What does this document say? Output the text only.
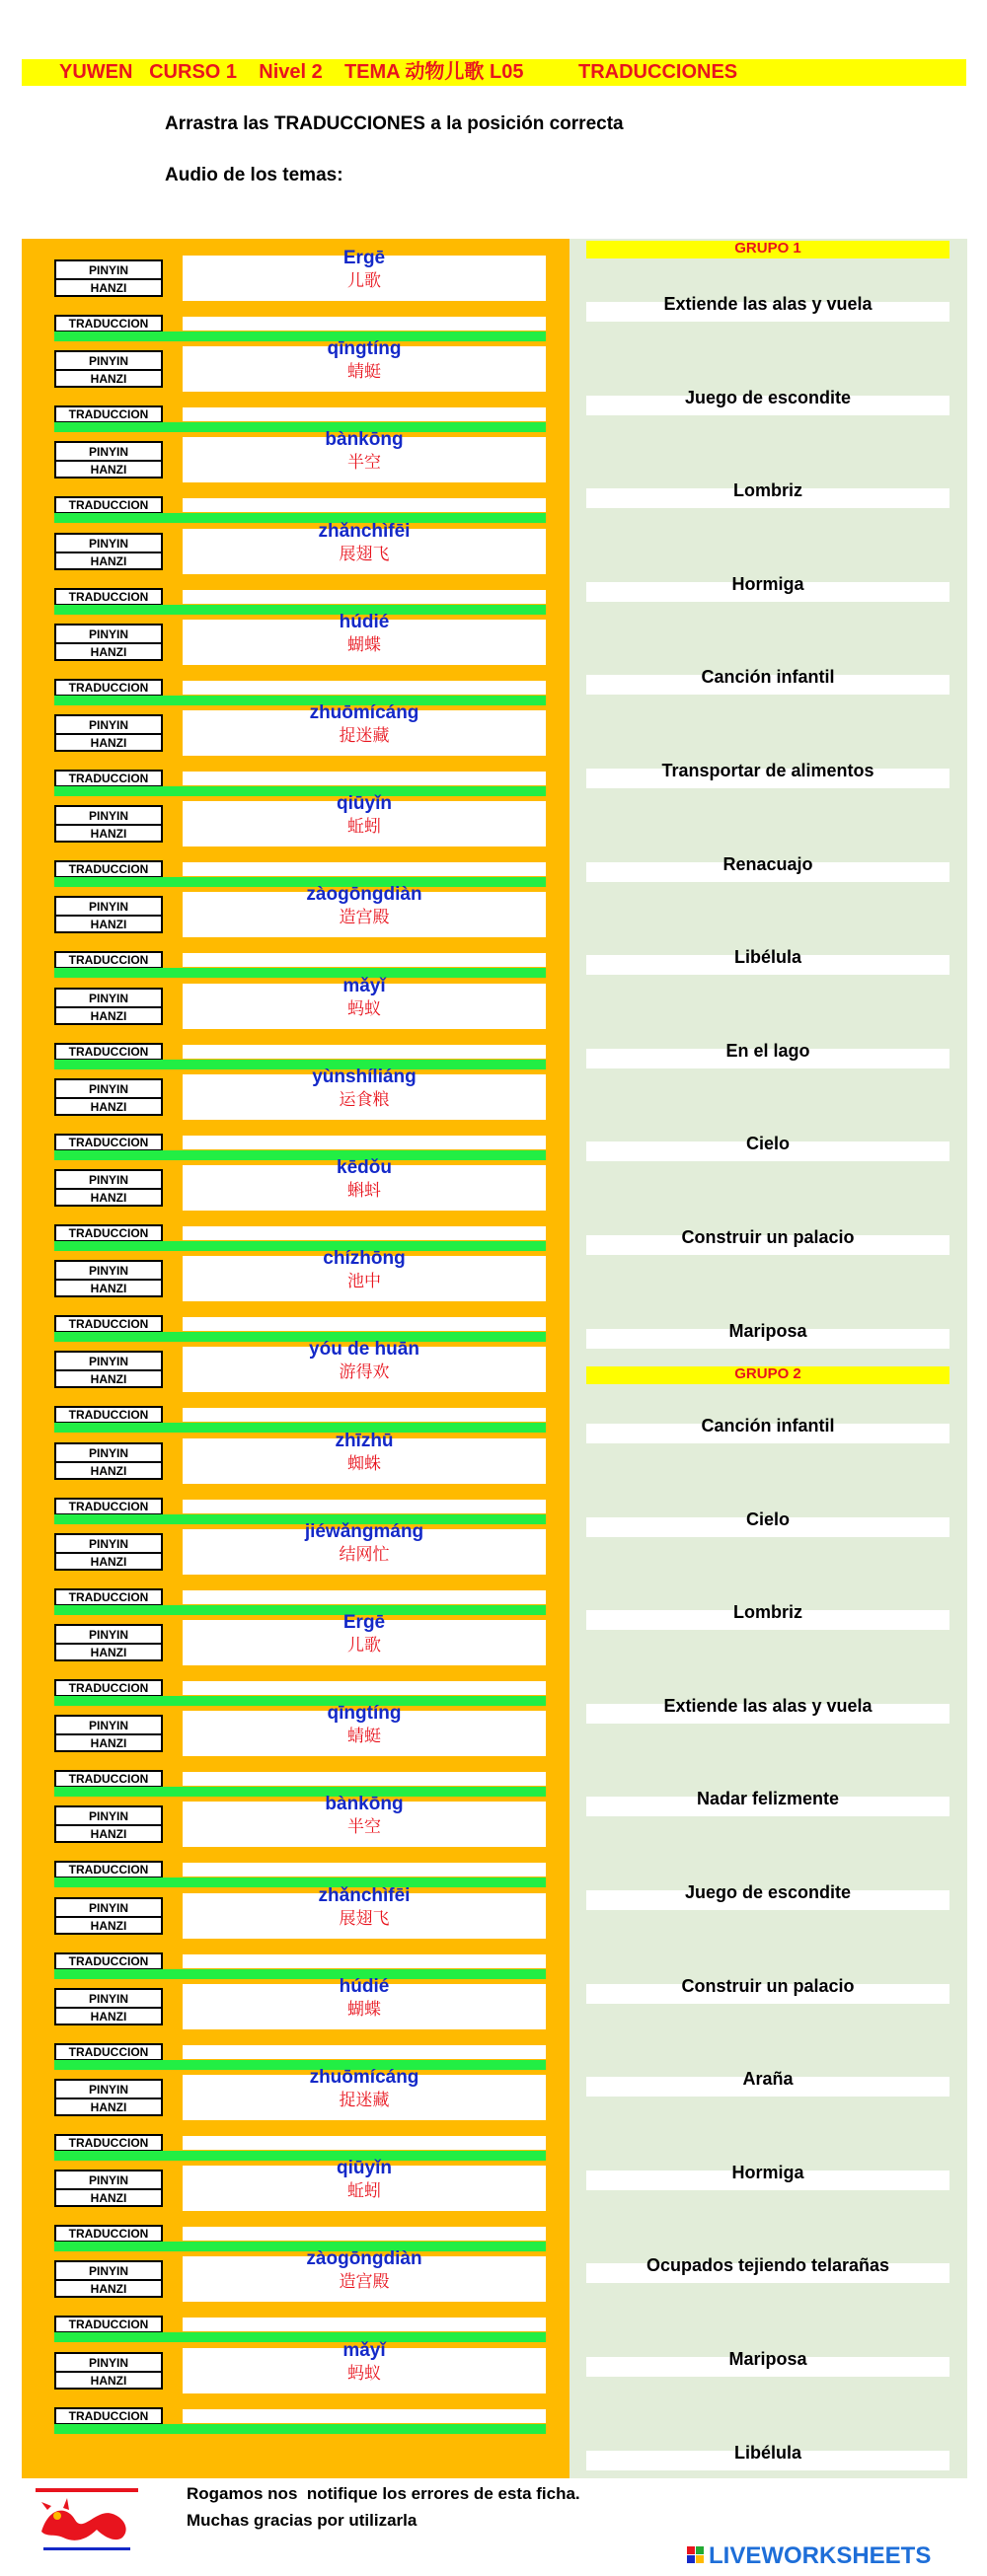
YUWEN   CURSO 1    Nivel 2    TEMA 动物儿歌 L05          TRADUCCIONES
Arrastra las TRADUCCIONES a la posición correcta
Audio de los temas:
PINYIN
HANZI
Ergē
儿歌
TRADUCCION
PINYIN
HANZI
qīngtíng
蜻蜓
TRADUCCION
PINYIN
HANZI
bànkōng
半空
TRADUCCION
PINYIN
HANZI
zhǎnchìfēi
展翅飞
TRADUCCION
PINYIN
HANZI
húdié
蝴蝶
TRADUCCION
PINYIN
HANZI
zhuōmícáng
捉迷藏
TRADUCCION
PINYIN
HANZI
qiūyǐn
蚯蚓
TRADUCCION
PINYIN
HANZI
zàogōngdiàn
造宫殿
TRADUCCION
PINYIN
HANZI
mǎyǐ
蚂蚁
TRADUCCION
PINYIN
HANZI
yùnshíliáng
运食粮
TRADUCCION
PINYIN
HANZI
kēdǒu
蝌蚪
TRADUCCION
PINYIN
HANZI
chízhōng
池中
TRADUCCION
PINYIN
HANZI
yóu de huān
游得欢
TRADUCCION
PINYIN
HANZI
zhīzhū
蜘蛛
TRADUCCION
PINYIN
HANZI
jiéwǎngmáng
结网忙
TRADUCCION
PINYIN
HANZI
Ergē
儿歌
TRADUCCION
PINYIN
HANZI
qīngtíng
蜻蜓
TRADUCCION
PINYIN
HANZI
bànkōng
半空
TRADUCCION
PINYIN
HANZI
zhǎnchìfēi
展翅飞
TRADUCCION
PINYIN
HANZI
húdié
蝴蝶
TRADUCCION
PINYIN
HANZI
zhuōmícáng
捉迷藏
TRADUCCION
PINYIN
HANZI
qiūyǐn
蚯蚓
TRADUCCION
PINYIN
HANZI
zàogōngdiàn
造宫殿
TRADUCCION
PINYIN
HANZI
mǎyǐ
蚂蚁
TRADUCCION
GRUPO 1
Extiende las alas y vuela
Juego de escondite
Lombriz
Hormiga
Canción infantil
Transportar de alimentos
Renacuajo
Libélula
En el lago
Cielo
Construir un palacio
Mariposa
GRUPO 2
Canción infantil
Cielo
Lombriz
Extiende las alas y vuela
Nadar felizmente
Juego de escondite
Construir un palacio
Araña
Hormiga
Ocupados tejiendo telarañas
Mariposa
Libélula
Rogamos nos  notifique los errores de esta ficha.
Muchas gracias por utilizarla
LIVEWORKSHEETS
